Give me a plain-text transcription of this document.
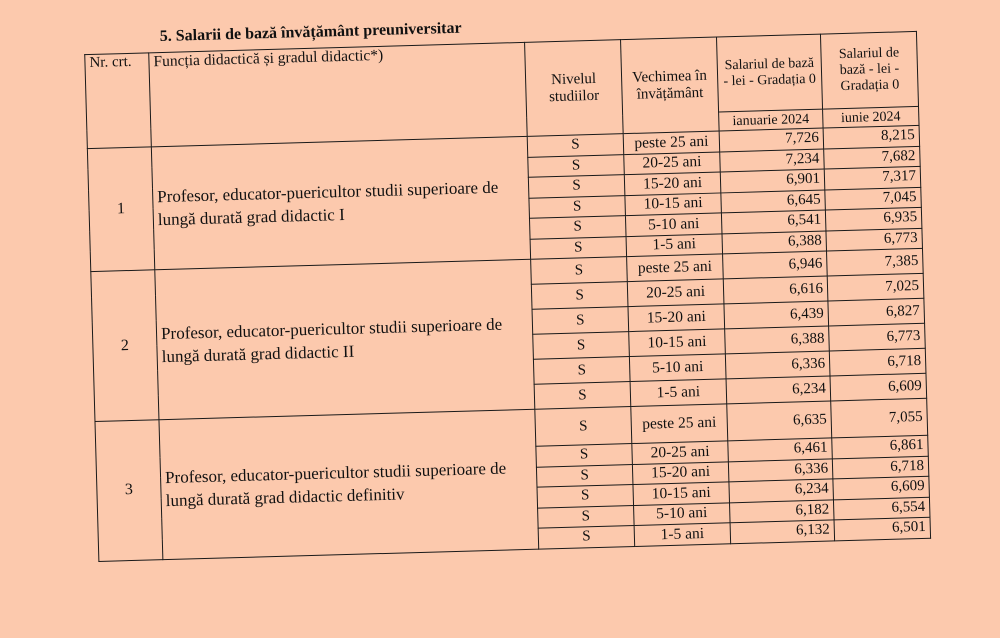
5. Salarii de bază învățământ preuniversitar
Nr. crt.	Funcția didactică și gradul didactic*)	Nivelul studiilor	Vechimea în învățământ	Salariul de bază - lei - Gradația 0	Salariul de bază - lei - Gradația 0
				ianuarie 2024	iunie 2024
1	Profesor, educator-puericultor studii superioare de lungă durată grad didactic I	S	peste 25 ani	7,726	8,215
		S	20-25 ani	7,234	7,682
		S	15-20 ani	6,901	7,317
		S	10-15 ani	6,645	7,045
		S	5-10 ani	6,541	6,935
		S	1-5 ani	6,388	6,773
2	Profesor, educator-puericultor studii superioare de lungă durată grad didactic II	S	peste 25 ani	6,946	7,385
		S	20-25 ani	6,616	7,025
		S	15-20 ani	6,439	6,827
		S	10-15 ani	6,388	6,773
		S	5-10 ani	6,336	6,718
		S	1-5 ani	6,234	6,609
3	Profesor, educator-puericultor studii superioare de lungă durată grad didactic definitiv	S	peste 25 ani	6,635	7,055
		S	20-25 ani	6,461	6,861
		S	15-20 ani	6,336	6,718
		S	10-15 ani	6,234	6,609
		S	5-10 ani	6,182	6,554
		S	1-5 ani	6,132	6,501
